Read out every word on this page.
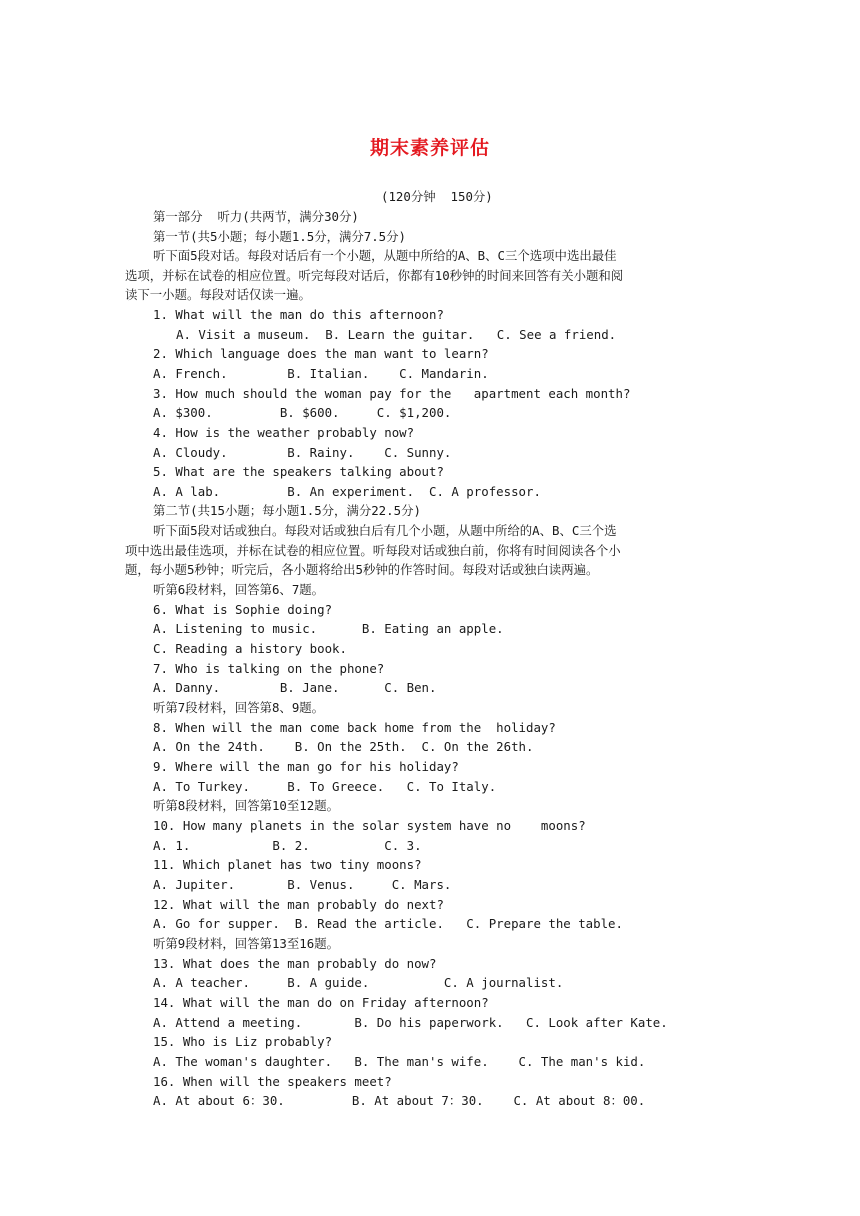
期末素养评估
(120分钟  150分)
第一部分  听力(共两节，满分30分)
第一节(共5小题；每小题1.5分，满分7.5分)
听下面5段对话。每段对话后有一个小题，从题中所给的A、B、C三个选项中选出最佳
选项，并标在试卷的相应位置。听完每段对话后，你都有10秒钟的时间来回答有关小题和阅
读下一小题。每段对话仅读一遍。
1. What will the man do this afternoon?
A. Visit a museum.  B. Learn the guitar.   C. See a friend.
2. Which language does the man want to learn?
A. French.        B. Italian.    C. Mandarin.
3. How much should the woman pay for the   apartment each month?
A. $300.         B. $600.     C. $1,200.
4. How is the weather probably now?
A. Cloudy.        B. Rainy.    C. Sunny.
5. What are the speakers talking about?
A. A lab.         B. An experiment.  C. A professor.
第二节(共15小题；每小题1.5分，满分22.5分)
听下面5段对话或独白。每段对话或独白后有几个小题，从题中所给的A、B、C三个选
项中选出最佳选项，并标在试卷的相应位置。听每段对话或独白前，你将有时间阅读各个小
题，每小题5秒钟；听完后，各小题将给出5秒钟的作答时间。每段对话或独白读两遍。
听第6段材料，回答第6、7题。
6. What is Sophie doing?
A. Listening to music.      B. Eating an apple.
C. Reading a history book.
7. Who is talking on the phone?
A. Danny.        B. Jane.      C. Ben.
听第7段材料，回答第8、9题。
8. When will the man come back home from the  holiday?
A. On the 24th.    B. On the 25th.  C. On the 26th.
9. Where will the man go for his holiday?
A. To Turkey.     B. To Greece.   C. To Italy.
听第8段材料，回答第10至12题。
10. How many planets in the solar system have no    moons?
A. 1.           B. 2.          C. 3.
11. Which planet has two tiny moons?
A. Jupiter.       B. Venus.     C. Mars.
12. What will the man probably do next?
A. Go for supper.  B. Read the article.   C. Prepare the table.
听第9段材料，回答第13至16题。
13. What does the man probably do now?
A. A teacher.     B. A guide.          C. A journalist.
14. What will the man do on Friday afternoon?
A. Attend a meeting.       B. Do his paperwork.   C. Look after Kate.
15. Who is Liz probably?
A. The woman's daughter.   B. The man's wife.    C. The man's kid.
16. When will the speakers meet?
A. At about 6：30.         B. At about 7：30.    C. At about 8：00.
